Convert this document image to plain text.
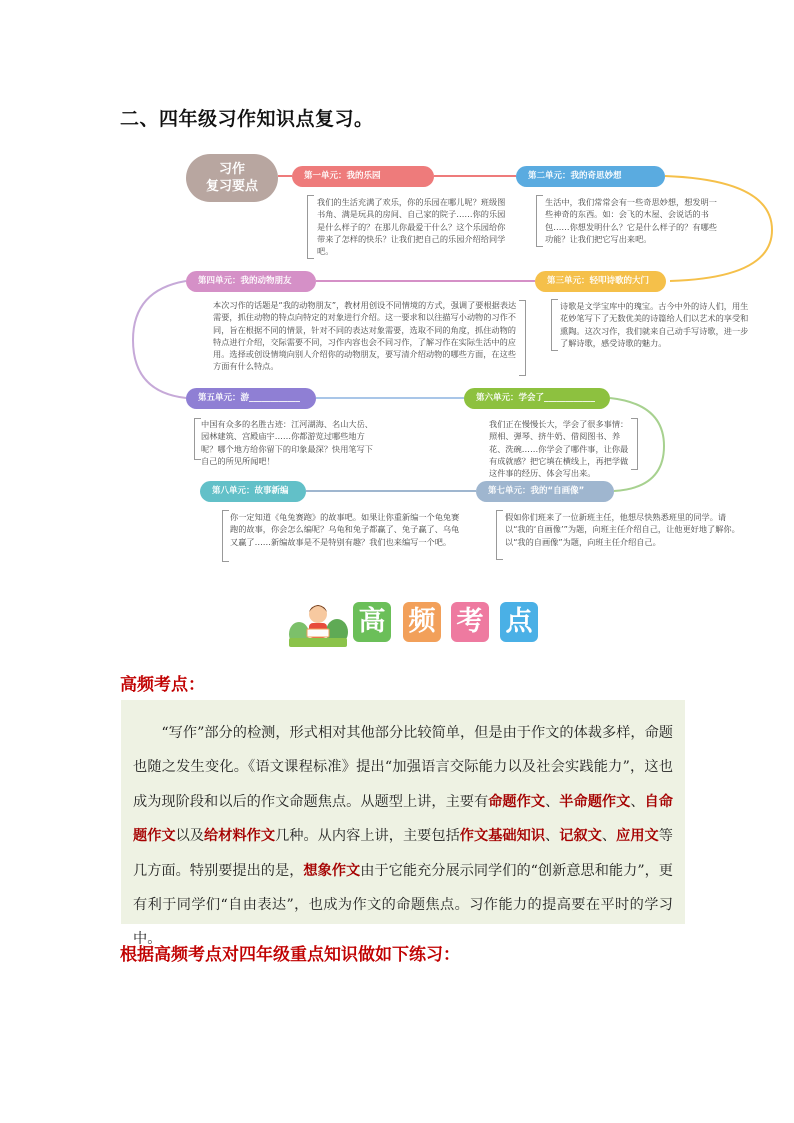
二、四年级习作知识点复习。
习作
复习要点
第一单元：我的乐园
我们的生活充满了欢乐，你的乐园在哪儿呢？班级图书角、满是玩具的房间、自己家的院子……你的乐园是什么样子的？在那儿你最爱干什么？这个乐园给你带来了怎样的快乐？让我们把自己的乐园介绍给同学吧。
第二单元：我的奇思妙想
生活中，我们常常会有一些奇思妙想，想发明一些神奇的东西。如：会飞的木屋、会说话的书包……你想发明什么？它是什么样子的？有哪些功能？让我们把它写出来吧。
第三单元：轻叩诗歌的大门
诗歌是文学宝库中的瑰宝。古今中外的诗人们，用生花妙笔写下了无数优美的诗篇给人们以艺术的享受和熏陶。这次习作，我们就来自己动手写诗歌，进一步了解诗歌，感受诗歌的魅力。
第四单元：我的动物朋友
本次习作的话题是“我的动物朋友”，教材用创设不同情境的方式，强调了要根据表达需要，抓住动物的特点向特定的对象进行介绍。这一要求和以往描写小动物的习作不同，旨在根据不同的情景，针对不同的表达对象需要，选取不同的角度，抓住动物的特点进行介绍，交际需要不同，习作内容也会不同习作，了解习作在实际生活中的应用。选择或创设情境向别人介绍你的动物朋友，要写清介绍动物的哪些方面，在这些方面有什么特点。
第五单元：游____________
中国有众多的名胜古迹：江河湖海、名山大岳、园林建筑、宫殿庙宇……你都游览过哪些地方呢？哪个地方给你留下的印象最深？快用笔写下自己的所见所闻吧！
第六单元：学会了____________
我们正在慢慢长大，学会了很多事情：照相、弹琴、挤牛奶、借阅图书、养花、洗碗……你学会了哪件事，让你最有成就感？把它填在横线上，再把学做这件事的经历、体会写出来。
第七单元：我的“自画像”
假如你们班来了一位新班主任，他想尽快熟悉班里的同学。请以“我的‘自画像’”为题，向班主任介绍自己，让他更好地了解你。以“我的自画像”为题，向班主任介绍自己。
第八单元：故事新编
你一定知道《龟兔赛跑》的故事吧。如果让你重新编一个龟兔赛跑的故事，你会怎么编呢？乌龟和兔子都赢了、兔子赢了、乌龟又赢了……新编故事是不是特别有趣？我们也来编写一个吧。
高 频 考 点
高频考点：

“写作”部分的检测，形式相对其他部分比较简单，但是由于作文的体裁多样，命题也随之发生变化。《语文课程标准》提出“加强语言交际能力以及社会实践能力”，这也成为现阶段和以后的作文命题焦点。从题型上讲，主要有命题作文、半命题作文、自命题作文以及给材料作文几种。从内容上讲，主要包括作文基础知识、记叙文、应用文等几方面。特别要提出的是，想象作文由于它能充分展示同学们的“创新意思和能力”，更有利于同学们“自由表达”，也成为作文的命题焦点。习作能力的提高要在平时的学习中。

根据高频考点对四年级重点知识做如下练习：
